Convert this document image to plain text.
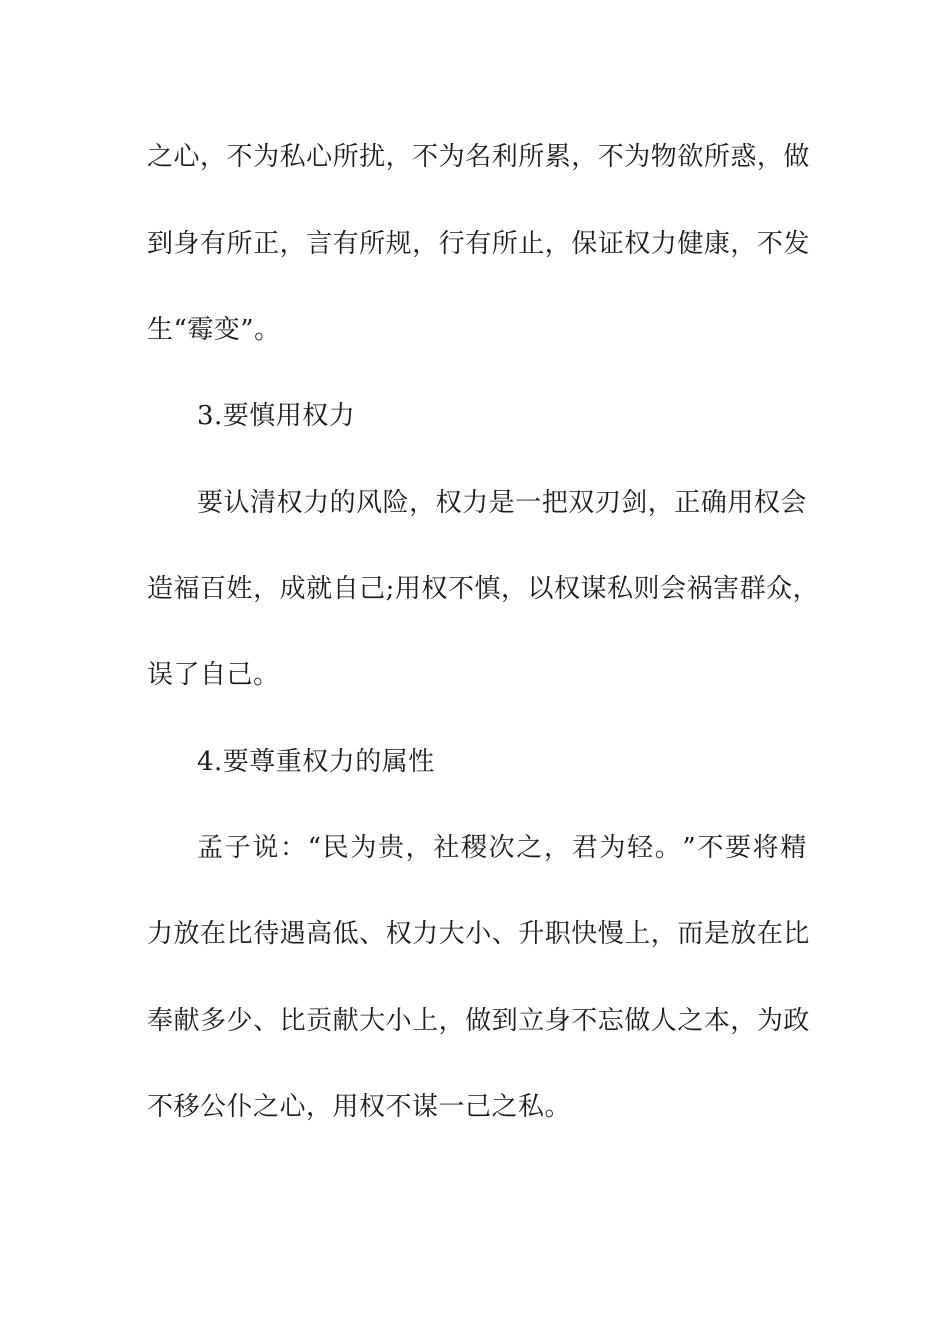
之 心 ， 不 为 私 心 所 扰 ， 不 为 名 利 所 累 ， 不 为 物 欲 所 惑 ， 做
到 身 有 所 正 ， 言 有 所 规 ， 行 有 所 止 ， 保 证 权 力 健 康 ， 不 发
生“霉变”。
3.要慎用权力
要 认 清 权 力 的 风 险 ， 权 力 是 一 把 双 刃 剑 ， 正 确 用 权 会
造 福 百 姓 ， 成 就 自 己 ; 用 权 不 慎 ， 以 权 谋 私 则 会 祸 害 群 众 ，
误了自己。
4.要尊重权力的属性
孟 子 说 ： “ 民 为 贵 ， 社 稷 次 之 ， 君 为 轻 。 ” 不 要 将 精
力 放 在 比 待 遇 高 低 、 权 力 大 小 、 升 职 快 慢 上 ， 而 是 放 在 比
奉 献 多 少 、 比 贡 献 大 小 上 ， 做 到 立 身 不 忘 做 人 之 本 ， 为 政
不移公仆之心，用权不谋一己之私。
